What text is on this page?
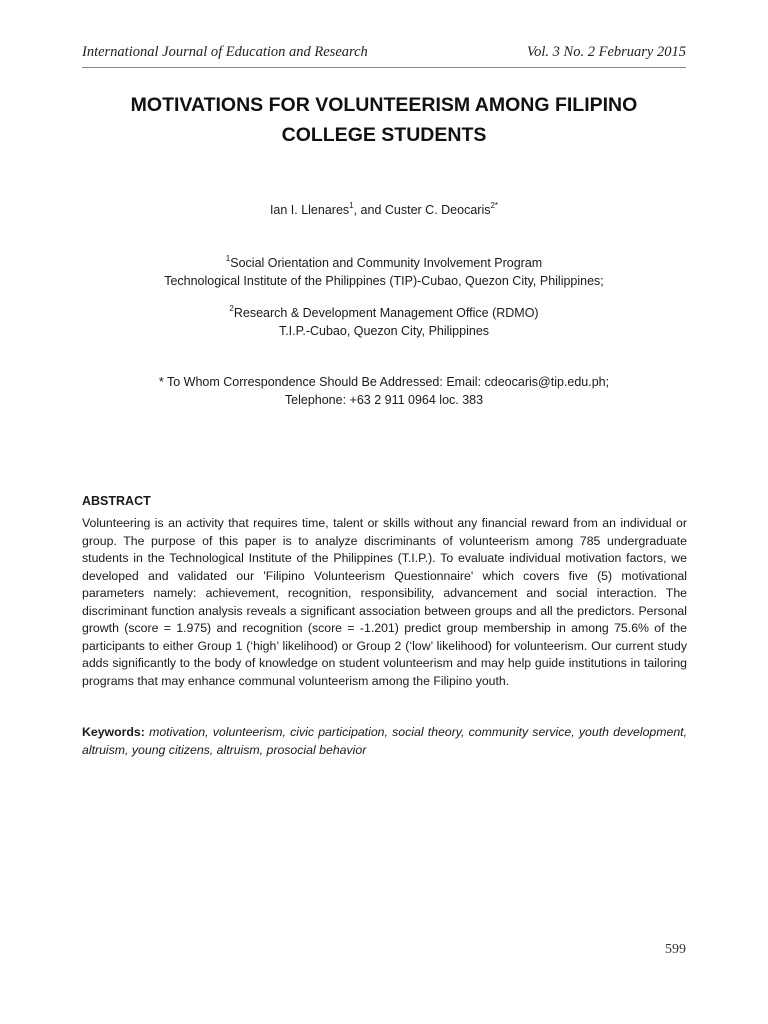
International Journal of Education and Research	Vol. 3 No. 2 February 2015
MOTIVATIONS FOR VOLUNTEERISM AMONG FILIPINO
COLLEGE STUDENTS
Ian I. Llenares$^1$, and Custer C. Deocaris$^{2*}$
$^1$Social Orientation and Community Involvement Program
Technological Institute of the Philippines (TIP)-Cubao, Quezon City, Philippines;
$^2$Research & Development Management Office (RDMO)
T.I.P.-Cubao, Quezon City, Philippines
* To Whom Correspondence Should Be Addressed: Email: cdeocaris@tip.edu.ph;
Telephone: +63 2 911 0964 loc. 383
ABSTRACT
Volunteering is an activity that requires time, talent or skills without any financial reward from an individual or group. The purpose of this paper is to analyze discriminants of volunteerism among 785 undergraduate students in the Technological Institute of the Philippines (T.I.P.). To evaluate individual motivation factors, we developed and validated our 'Filipino Volunteerism Questionnaire' which covers five (5) motivational parameters namely: achievement, recognition, responsibility, advancement and social interaction. The discriminant function analysis reveals a significant association between groups and all the predictors. Personal growth (score = 1.975) and recognition (score = -1.201) predict group membership in among 75.6% of the participants to either Group 1 (‘high’ likelihood) or Group 2 (‘low’ likelihood) for volunteerism. Our current study adds significantly to the body of knowledge on student volunteerism and may help guide institutions in tailoring programs that may enhance communal volunteerism among the Filipino youth.
Keywords: motivation, volunteerism, civic participation, social theory, community service, youth development, altruism, young citizens, altruism, prosocial behavior
599
